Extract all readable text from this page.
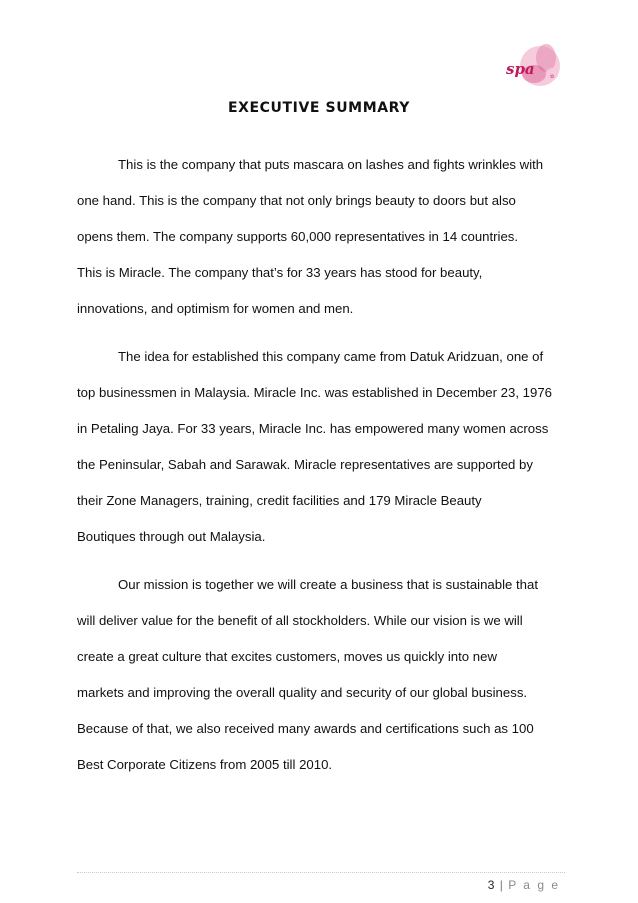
spa	✿
EXECUTIVE SUMMARY
This is the company that puts mascara on lashes and fights wrinkles with
one hand. This is the company that not only brings beauty to doors but also
opens them. The company supports 60,000 representatives in 14 countries.
This is Miracle. The company that’s for 33 years has stood for beauty,
innovations, and optimism for women and men.
The idea for established this company came from Datuk Aridzuan, one of
top businessmen in Malaysia. Miracle Inc. was established in December 23, 1976
in Petaling Jaya. For 33 years, Miracle Inc. has empowered many women across
the Peninsular, Sabah and Sarawak. Miracle representatives are supported by
their Zone Managers, training, credit facilities and 179 Miracle Beauty
Boutiques through out Malaysia.
Our mission is together we will create a business that is sustainable that
will deliver value for the benefit of all stockholders. While our vision is we will
create a great culture that excites customers, moves us quickly into new
markets and improving the overall quality and security of our global business.
Because of that, we also received many awards and certifications such as 100
Best Corporate Citizens from 2005 till 2010.
3 | P a g e
